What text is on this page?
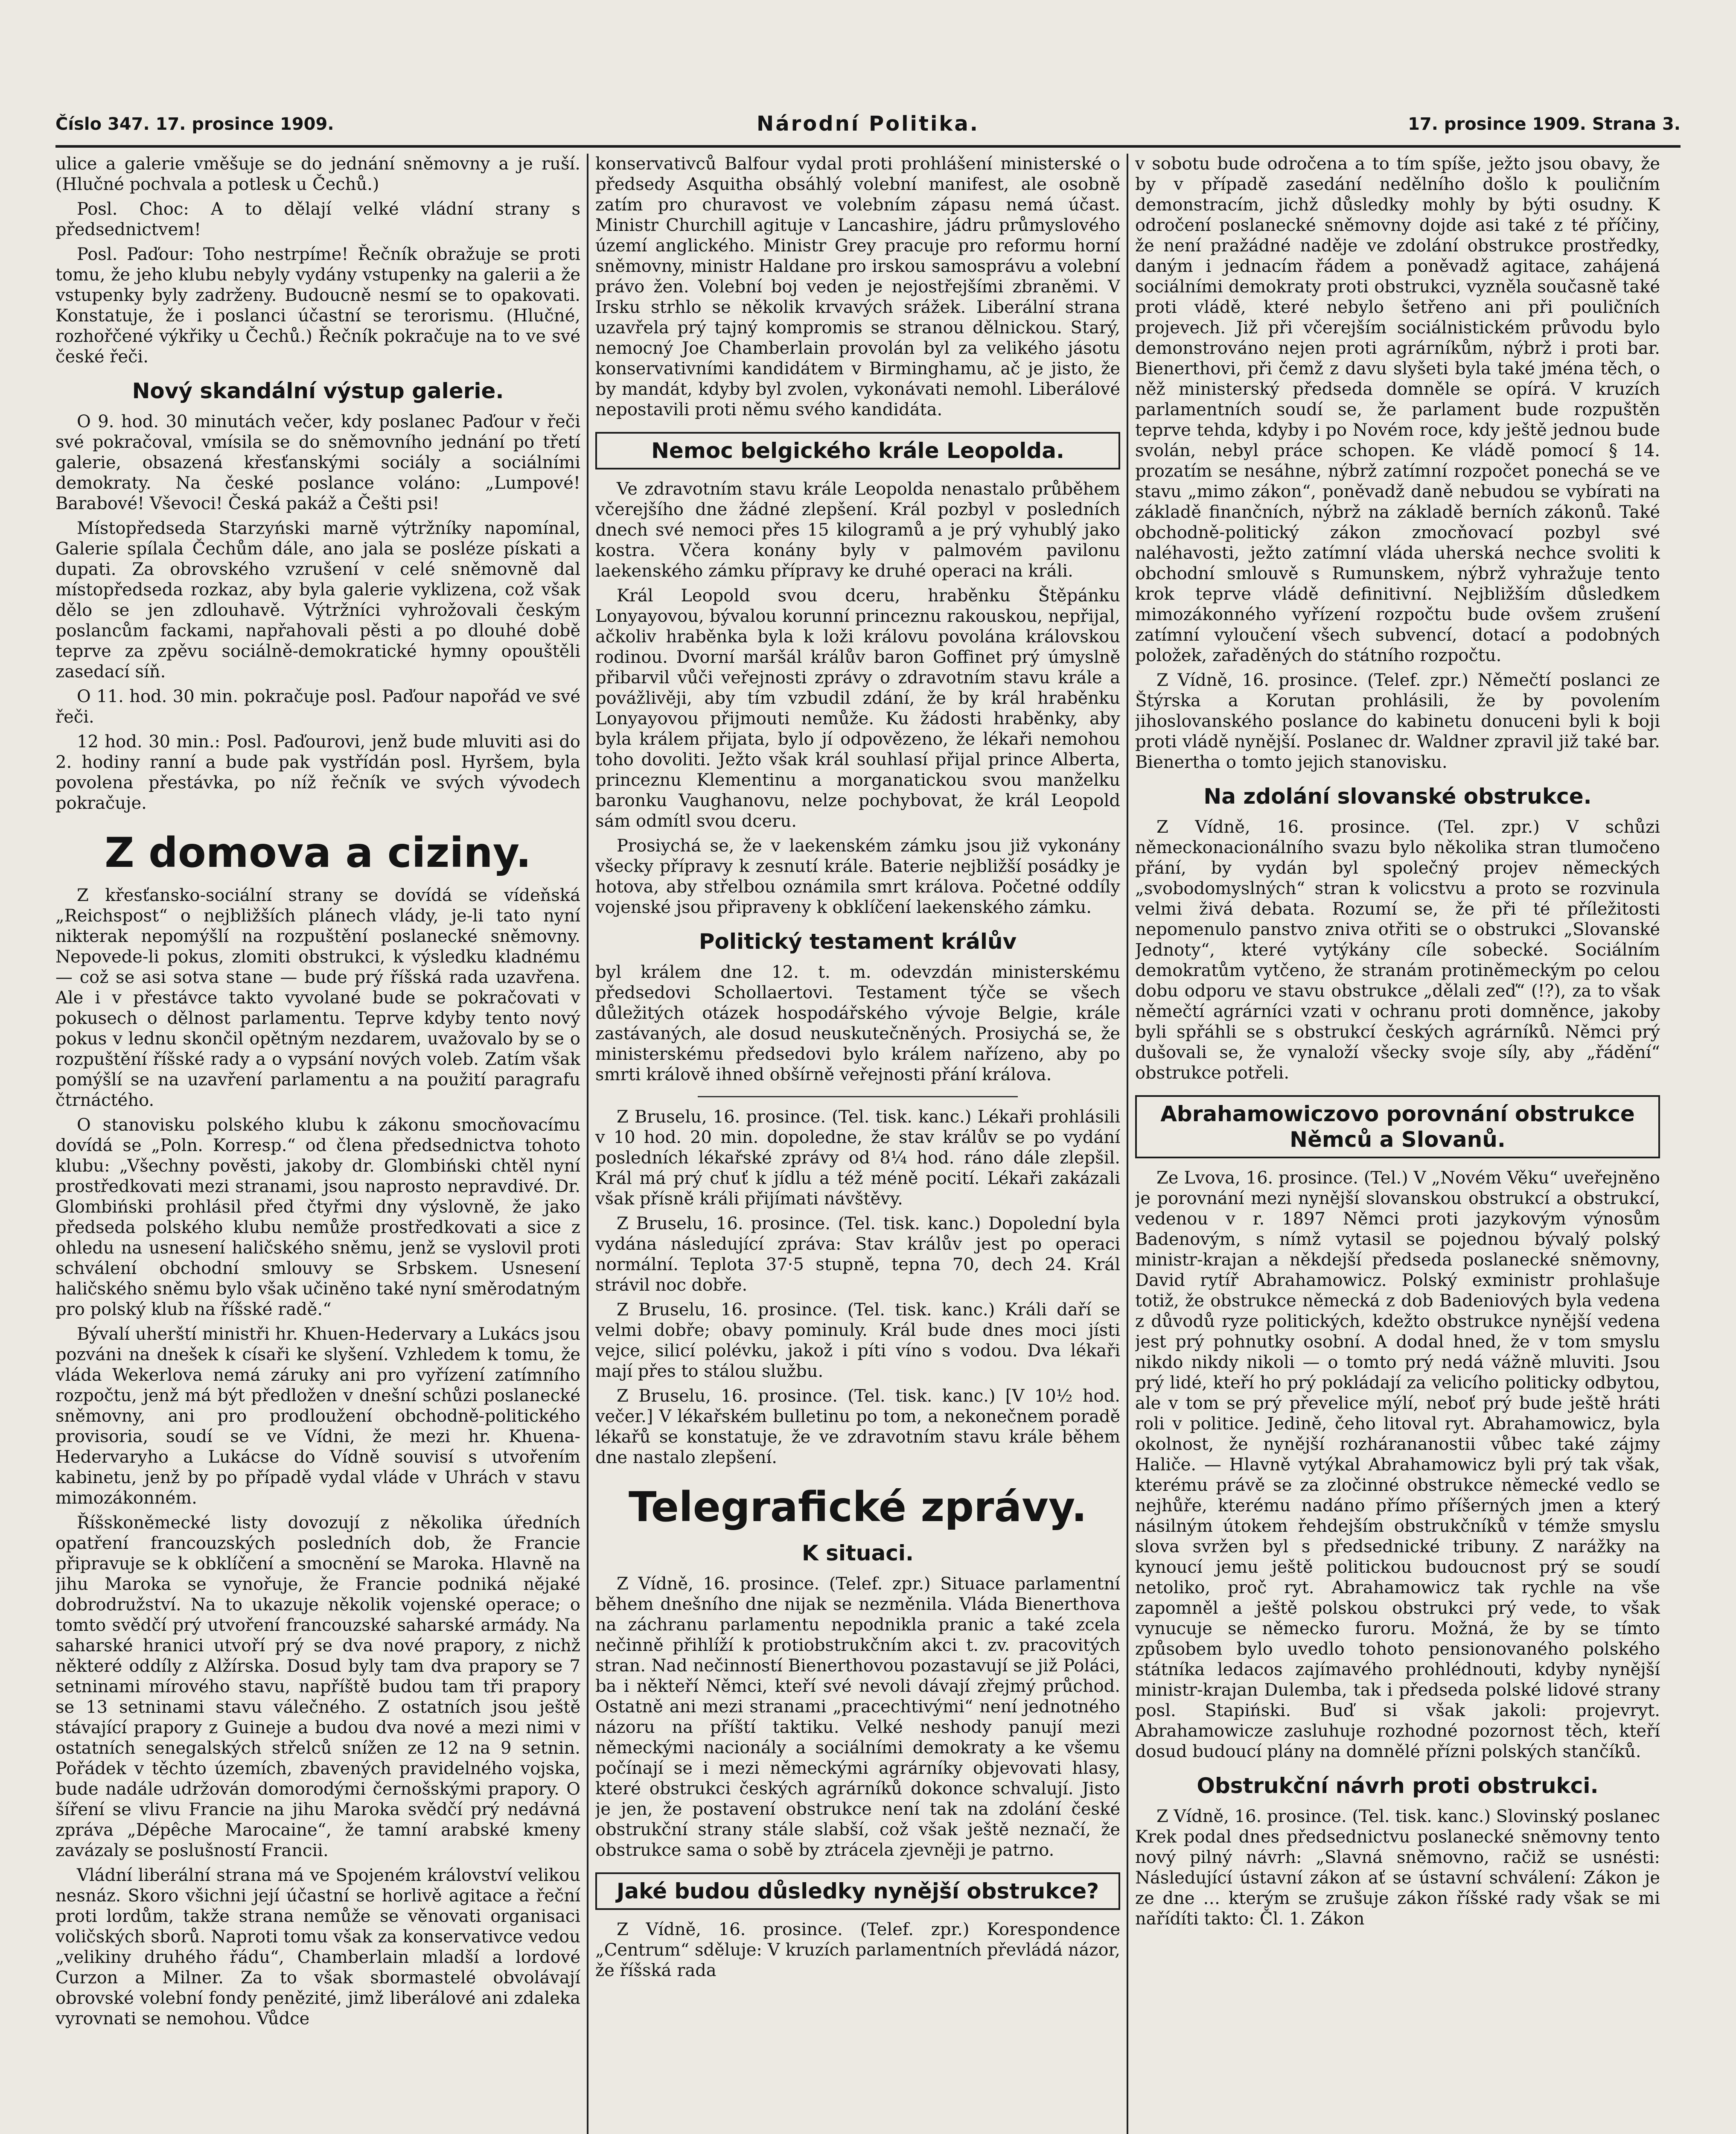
Číslo 347. 17. prosince 1909.	Národní Politika.	17. prosince 1909. Strana 3.

ulice a galerie vměšuje se do jednání sněmovny a je ruší. (Hlučné pochvala a potlesk u Čechů.)

Posl. Choc: A to dělají velké vládní strany s předsednictvem!

Posl. Paďour: Toho nestrpíme! Řečník obražuje se proti tomu, že jeho klubu nebyly vydány vstupenky na galerii a že vstupenky byly zadrženy. Budoucně nesmí se to opakovati. Konstatuje, že i poslanci účastní se terorismu. (Hlučné, rozhořčené výkřiky u Čechů.) Řečník pokračuje na to ve své české řeči.

Nový skandální výstup galerie.

O 9. hod. 30 minutách večer, kdy poslanec Paďour v řeči své pokračoval, vmísila se do sněmovního jednání po třetí galerie, obsazená křesťanskými sociály a sociálními demokraty. Na české poslance voláno: „Lumpové! Barabové! Vševoci! Česká pakáž a Češti psi!

Místopředseda Starzyński marně výtržníky napomínal, Galerie spílala Čechům dále, ano jala se posléze pískati a dupati. Za obrovského vzrušení v celé sněmovně dal místopředseda rozkaz, aby byla galerie vyklizena, což však dělo se jen zdlouhavě. Výtržníci vyhrožovali českým poslancům fackami, napřahovali pěsti a po dlouhé době teprve za zpěvu sociálně-demokratické hymny opouštěli zasedací síň.

O 11. hod. 30 min. pokračuje posl. Paďour napořád ve své řeči.

12 hod. 30 min.: Posl. Paďourovi, jenž bude mluviti asi do 2. hodiny ranní a bude pak vystřídán posl. Hyršem, byla povolena přestávka, po níž řečník ve svých vývodech pokračuje.

Z domova a ciziny.

Z křesťansko-sociální strany se dovídá se vídeňská „Reichspost“ o nejbližších plánech vlády, je-li tato nyní nikterak nepomýšlí na rozpuštění poslanecké sněmovny. Nepovede-li pokus, zlomiti obstrukci, k výsledku kladnému — což se asi sotva stane — bude prý říšská rada uzavřena. Ale i v přestávce takto vyvolané bude se pokračovati v pokusech o dělnost parlamentu. Teprve kdyby tento nový pokus v lednu skončil opětným nezdarem, uvažovalo by se o rozpuštění říšské rady a o vypsání nových voleb. Zatím však pomýšlí se na uzavření parlamentu a na použití paragrafu čtrnáctého.

O stanovisku polského klubu k zákonu smocňovacímu dovídá se „Poln. Korresp.“ od člena předsednictva tohoto klubu: „Všechny pověsti, jakoby dr. Glombiński chtěl nyní prostředkovati mezi stranami, jsou naprosto nepravdivé. Dr. Glombiński prohlásil před čtyřmi dny výslovně, že jako předseda polského klubu nemůže prostředkovati a sice z ohledu na usnesení haličského sněmu, jenž se vyslovil proti schválení obchodní smlouvy se Srbskem. Usnesení haličského sněmu bylo však učiněno také nyní směrodatným pro polský klub na říšské radě.“

Bývalí uherští ministři hr. Khuen-Hedervary a Lukács jsou pozváni na dnešek k císaři ke slyšení. Vzhledem k tomu, že vláda Wekerlova nemá záruky ani pro vyřízení zatímního rozpočtu, jenž má být předložen v dnešní schůzi poslanecké sněmovny, ani pro prodloužení obchodně-politického provisoria, soudí se ve Vídni, že mezi hr. Khuena-Hedervaryho a Lukácse do Vídně souvisí s utvořením kabinetu, jenž by po případě vydal vláde v Uhrách v stavu mimozákonném.

Říšskoněmecké listy dovozují z několika úředních opatření francouzských posledních dob, že Francie připravuje se k obklíčení a smocnění se Maroka. Hlavně na jihu Maroka se vynořuje, že Francie podniká nějaké dobrodružství. Na to ukazuje několik vojenské operace; o tomto svědčí prý utvoření francouzské saharské armády. Na saharské hranici utvoří prý se dva nové prapory, z nichž některé oddíly z Alžírska. Dosud byly tam dva prapory se 7 setninami mírového stavu, napříště budou tam tři prapory se 13 setninami stavu válečného. Z ostatních jsou ještě stávající prapory z Guineje a budou dva nové a mezi nimi v ostatních senegalských střelců snížen ze 12 na 9 setnin. Pořádek v těchto územích, zbavených pravidelného vojska, bude nadále udržován domorodými černošskými prapory. O šíření se vlivu Francie na jihu Maroka svědčí prý nedávná zpráva „Dépêche Marocaine“, že tamní arabské kmeny zavázaly se poslušností Francii.

Vládní liberální strana má ve Spojeném království velikou nesnáz. Skoro všichni její účastní se horlivě agitace a řeční proti lordům, takže strana nemůže se věnovati organisaci voličských sborů. Naproti tomu však za konservativce vedou „velikiny druhého řádu“, Chamberlain mladší a lordové Curzon a Milner. Za to však sbormastelé obvolávají obrovské volební fondy penězité, jimž liberálové ani zdaleka vyrovnati se nemohou. Vůdce

konservativců Balfour vydal proti prohlášení ministerské o předsedy Asquitha obsáhlý volební manifest, ale osobně zatím pro churavost ve volebním zápasu nemá účast. Ministr Churchill agituje v Lancashire, jádru průmyslového území anglického. Ministr Grey pracuje pro reformu horní sněmovny, ministr Haldane pro irskou samosprávu a volební právo žen. Volební boj veden je nejostřejšími zbraněmi. V Irsku strhlo se několik krvavých srážek. Liberální strana uzavřela prý tajný kompromis se stranou dělnickou. Starý, nemocný Joe Chamberlain provolán byl za velikého jásotu konservativními kandidátem v Birminghamu, ač je jisto, že by mandát, kdyby byl zvolen, vykonávati nemohl. Liberálové nepostavili proti němu svého kandidáta.

Nemoc belgického krále Leopolda.

Ve zdravotním stavu krále Leopolda nenastalo průběhem včerejšího dne žádné zlepšení. Král pozbyl v posledních dnech své nemoci přes 15 kilogramů a je prý vyhublý jako kostra. Včera konány byly v palmovém pavilonu laekenského zámku přípravy ke druhé operaci na králi.

Král Leopold svou dceru, hraběnku Štěpánku Lonyayovou, bývalou korunní princeznu rakouskou, nepřijal, ačkoliv hraběnka byla k loži královu povolána královskou rodinou. Dvorní maršál králův baron Goffinet prý úmyslně přibarvil vůči veřejnosti zprávy o zdravotním stavu krále a povážlivěji, aby tím vzbudil zdání, že by král hraběnku Lonyayovou přijmouti nemůže. Ku žádosti hraběnky, aby byla králem přijata, bylo jí odpovězeno, že lékaři nemohou toho dovoliti. Ježto však král souhlasí přijal prince Alberta, princeznu Klementinu a morganatickou svou manželku baronku Vaughanovu, nelze pochybovat, že král Leopold sám odmítl svou dceru.

Prosiychá se, že v laekenském zámku jsou již vykonány všecky přípravy k zesnutí krále. Baterie nejbližší posádky je hotova, aby střelbou oznámila smrt králova. Početné oddíly vojenské jsou připraveny k obklíčení laekenského zámku.

Politický testament králův

byl králem dne 12. t. m. odevzdán ministerskému předsedovi Schollaertovi. Testament týče se všech důležitých otázek hospodářského vývoje Belgie, krále zastávaných, ale dosud neuskutečněných. Prosiychá se, že ministerskému předsedovi bylo králem nařízeno, aby po smrti králově ihned obšírně veřejnosti přání králova.

Z Bruselu, 16. prosince. (Tel. tisk. kanc.) Lékaři prohlásili v 10 hod. 20 min. dopoledne, že stav králův se po vydání posledních lékařské zprávy od 8¼ hod. ráno dále zlepšil. Král má prý chuť k jídlu a též méně pocití. Lékaři zakázali však přísně králi přijímati návštěvy.

Z Bruselu, 16. prosince. (Tel. tisk. kanc.) Dopolední byla vydána následující zpráva: Stav králův jest po operaci normální. Teplota 37·5 stupně, tepna 70, dech 24. Král strávil noc dobře.

Z Bruselu, 16. prosince. (Tel. tisk. kanc.) Králi daří se velmi dobře; obavy pominuly. Král bude dnes moci jísti vejce, silicí polévku, jakož i píti víno s vodou. Dva lékaři mají přes to stálou službu.

Z Bruselu, 16. prosince. (Tel. tisk. kanc.) [V 10½ hod. večer.] V lékařském bulletinu po tom, a nekonečnem poradě lékařů se konstatuje, že ve zdravotním stavu krále během dne nastalo zlepšení.

Telegrafické zprávy.
K situaci.

Z Vídně, 16. prosince. (Telef. zpr.) Situace parlamentní během dnešního dne nijak se nezměnila. Vláda Bienerthova na záchranu parlamentu nepodnikla pranic a také zcela nečinně přihlíží k protiobstrukčním akci t. zv. pracovitých stran. Nad nečinností Bienerthovou pozastavují se již Poláci, ba i někteří Němci, kteří své nevoli dávají zřejmý průchod. Ostatně ani mezi stranami „pracechtivými“ není jednotného názoru na příští taktiku. Velké neshody panují mezi německými nacionály a sociálními demokraty a ke všemu počínají se i mezi německými agrárníky objevovati hlasy, které obstrukci českých agrárníků dokonce schvalují. Jisto je jen, že postavení obstrukce není tak na zdolání české obstrukční strany stále slabší, což však ještě neznačí, že obstrukce sama o sobě by ztrácela zjevněji je patrno.

Jaké budou důsledky nynější obstrukce?

Z Vídně, 16. prosince. (Telef. zpr.) Korespondence „Centrum“ sděluje: V kruzích parlamentních převládá názor, že říšská rada

v sobotu bude odročena a to tím spíše, ježto jsou obavy, že by v případě zasedání nedělního došlo k pouličním demonstracím, jichž důsledky mohly by býti osudny. K odročení poslanecké sněmovny dojde asi také z té příčiny, že není pražádné naděje ve zdolání obstrukce prostředky, daným i jednacím řádem a poněvadž agitace, zahájená sociálními demokraty proti obstrukci, vyzněla současně také proti vládě, které nebylo šetřeno ani při pouličních projevech. Již při včerejším sociálnistickém průvodu bylo demonstrováno nejen proti agrárníkům, nýbrž i proti bar. Bienerthovi, při čemž z davu slyšeti byla také jména těch, o něž ministerský předseda domněle se opírá. V kruzích parlamentních soudí se, že parlament bude rozpuštěn teprve tehda, kdyby i po Novém roce, kdy ještě jednou bude svolán, nebyl práce schopen. Ke vládě pomocí § 14. prozatím se nesáhne, nýbrž zatímní rozpočet ponechá se ve stavu „mimo zákon“, poněvadž daně nebudou se vybírati na základě finančních, nýbrž na základě berních zákonů. Také obchodně-politický zákon zmocňovací pozbyl své naléhavosti, ježto zatímní vláda uherská nechce svoliti k obchodní smlouvě s Rumunskem, nýbrž vyhražuje tento krok teprve vládě definitivní. Nejbližším důsledkem mimozákonného vyřízení rozpočtu bude ovšem zrušení zatímní vyloučení všech subvencí, dotací a podobných položek, zařaděných do státního rozpočtu.

Z Vídně, 16. prosince. (Telef. zpr.) Němečtí poslanci ze Štýrska a Korutan prohlásili, že by povolením jihoslovanského poslance do kabinetu donuceni byli k boji proti vládě nynější. Poslanec dr. Waldner zpravil již také bar. Bienertha o tomto jejich stanovisku.

Na zdolání slovanské obstrukce.

Z Vídně, 16. prosince. (Tel. zpr.) V schůzi německonacionálního svazu bylo několika stran tlumočeno přání, by vydán byl společný projev německých „svobodomyslných“ stran k volicstvu a proto se rozvinula velmi živá debata. Rozumí se, že při té příležitosti nepomenulo panstvo zniva otřiti se o obstrukci „Slovanské Jednoty“, které vytýkány cíle sobecké. Sociálním demokratům vytčeno, že stranám protiněmeckým po celou dobu odporu ve stavu obstrukce „dělali zeď“ (!?), za to však němečtí agrárníci vzati v ochranu proti domněnce, jakoby byli spřáhli se s obstrukcí českých agrárníků. Němci prý dušovali se, že vynaloží všecky svoje síly, aby „řádění“ obstrukce potřeli.

Abrahamowiczovo porovnání obstrukce Němců a Slovanů.

Ze Lvova, 16. prosince. (Tel.) V „Novém Věku“ uveřejněno je porovnání mezi nynější slovanskou obstrukcí a obstrukcí, vedenou v r. 1897 Němci proti jazykovým výnosům Badenovým, s nímž vytasil se pojednou bývalý polský ministr-krajan a někdejší předseda poslanecké sněmovny, David rytíř Abrahamowicz. Polský exministr prohlašuje totiž, že obstrukce německá z dob Badeniových byla vedena z důvodů ryze politických, kdežto obstrukce nynější vedena jest prý pohnutky osobní. A dodal hned, že v tom smyslu nikdo nikdy nikoli — o tomto prý nedá vážně mluviti. Jsou prý lidé, kteří ho prý pokládají za velicího politicky odbytou, ale v tom se prý převelice mýlí, neboť prý bude ještě hráti roli v politice. Jedině, čeho litoval ryt. Abrahamowicz, byla okolnost, že nynější rozhárananostii vůbec také zájmy Haliče. — Hlavně vytýkal Abrahamowicz byli prý tak však, kterému právě se za zločinné obstrukce německé vedlo se nejhůře, kterému nadáno přímo příšerných jmen a který násilným útokem řehdejším obstrukčníků v témže smyslu slova svržen byl s předsednické tribuny. Z narážky na kynoucí jemu ještě politickou budoucnost prý se soudí netoliko, proč ryt. Abrahamowicz tak rychle na vše zapomněl a ještě polskou obstrukci prý vede, to však vynucuje se německo furoru. Možná, že by se tímto způsobem bylo uvedlo tohoto pensionovaného polského státníka ledacos zajímavého prohlédnouti, kdyby nynější ministr-krajan Dulemba, tak i předseda polské lidové strany posl. Stapiński. Buď si však jakoli: projevryt. Abrahamowicze zasluhuje rozhodné pozornost těch, kteří dosud budoucí plány na domnělé přízni polských stančíků.

Obstrukční návrh proti obstrukci.

Z Vídně, 16. prosince. (Tel. tisk. kanc.) Slovinský poslanec Krek podal dnes předsednictvu poslanecké sněmovny tento nový pilný návrh: „Slavná sněmovno, račiž se usnésti: Následující ústavní zákon ať se ústavní schválení: Zákon je ze dne … kterým se zrušuje zákon říšské rady však se mi nařídíti takto: Čl. 1. Zákon
